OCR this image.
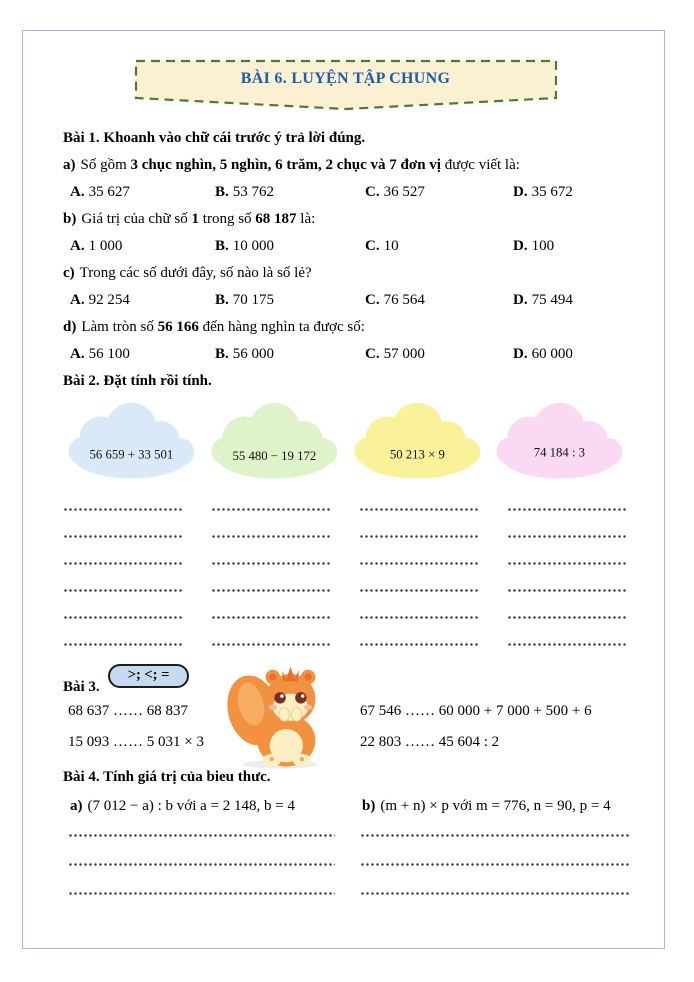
BÀI 6. LUYỆN TẬP CHUNG
Bài 1. Khoanh vào chữ cái trước ý trả lời đúng.
a) Số gồm 3 chục nghìn, 5 nghìn, 6 trăm, 2 chục và 7 đơn vị được viết là:
A. 35 627	B. 53 762	C. 36 527	D. 35 672
b) Giá trị của chữ số 1 trong số 68 187 là:
A. 1 000	B. 10 000	C. 10	D. 100
c) Trong các số dưới đây, số nào là số lẻ?
A. 92 254	B. 70 175	C. 76 564	D. 75 494
d) Làm tròn số 56 166 đến hàng nghìn ta được số:
A. 56 100	B. 56 000	C. 57 000	D. 60 000
Bài 2. Đặt tính rồi tính.
56 659 + 33 501	55 480 − 19 172	50 213 × 9	74 184 : 3
Bài 3.
>; <; =
68 637 …… 68 837	67 546 …… 60 000 + 7 000 + 500 + 6
15 093 …… 5 031 × 3	22 803 …… 45 604 : 2
Bài 4. Tính giá trị của bieu thưc.
a) (7 012 − a) : b với a = 2 148, b = 4	b) (m + n) × p với m = 776, n = 90, p = 4
